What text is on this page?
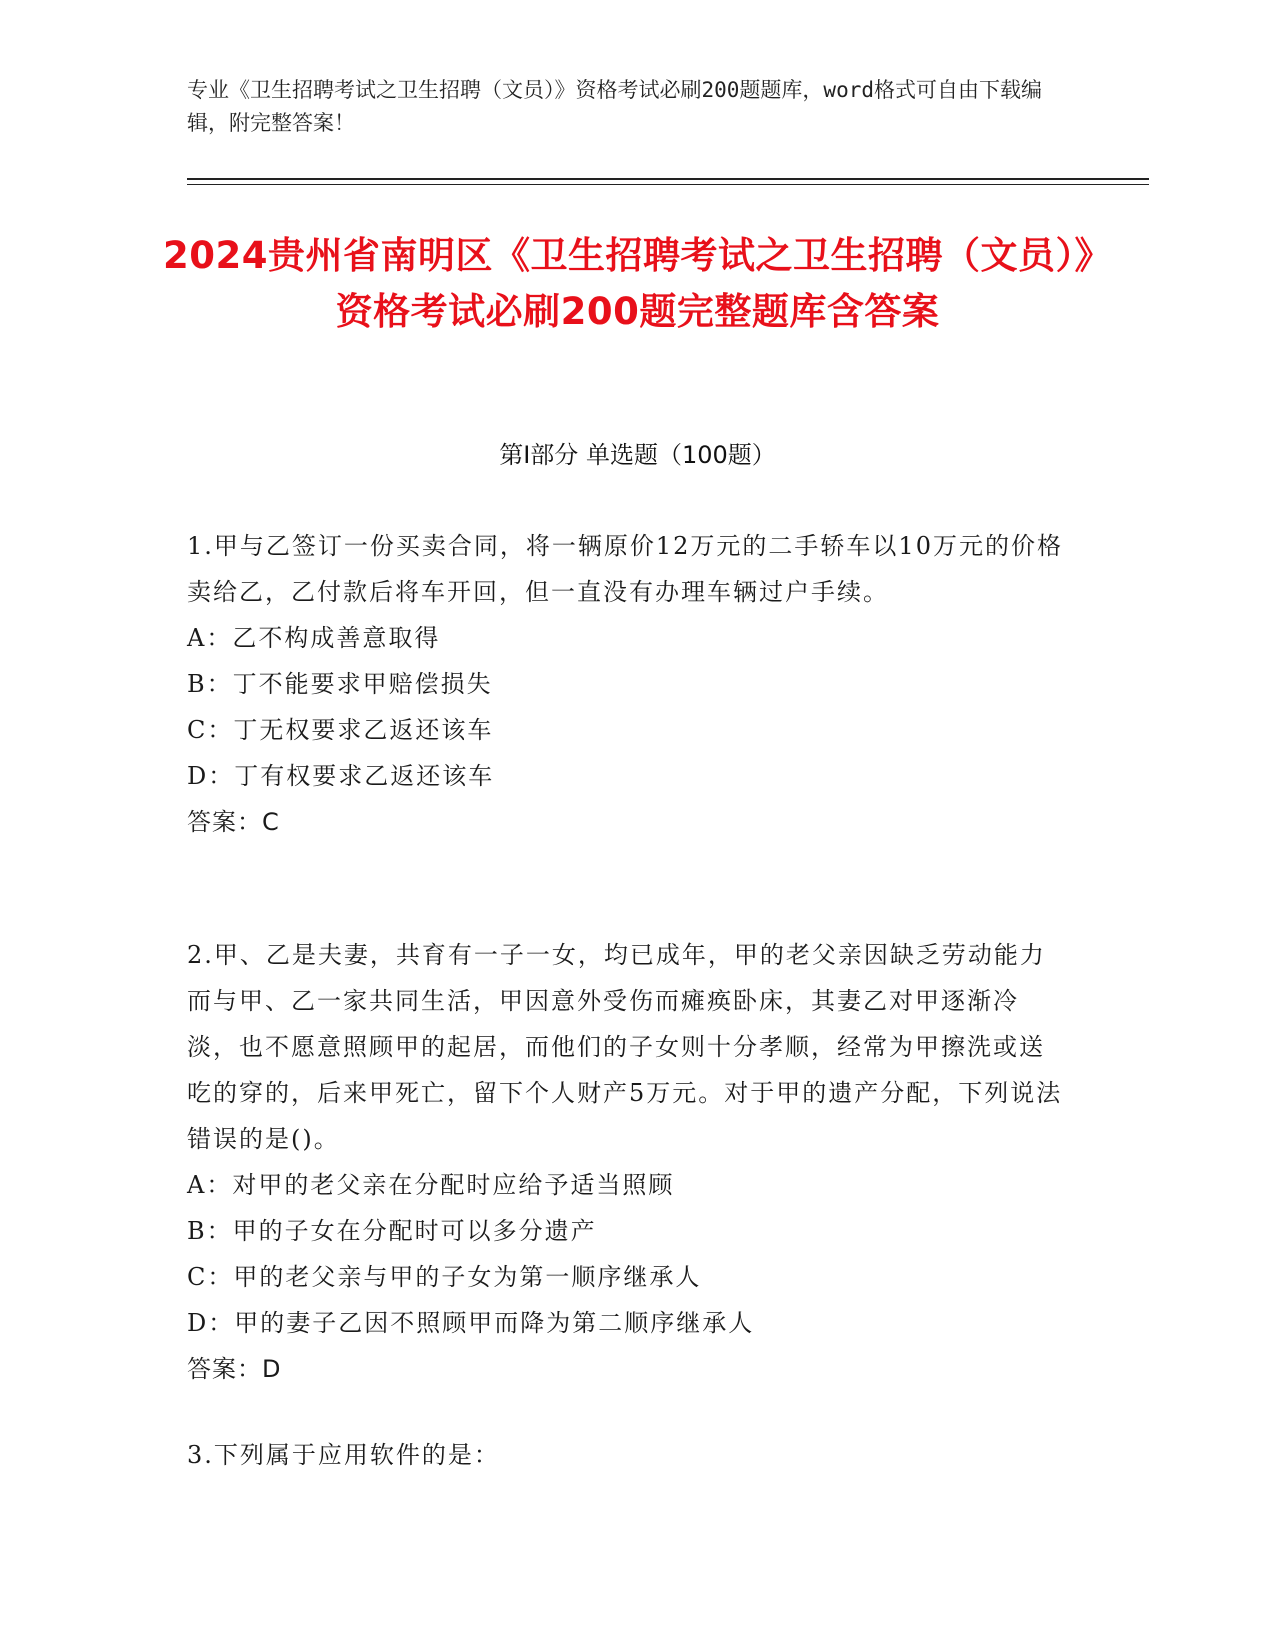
专业《卫生招聘考试之卫生招聘（文员）》资格考试必刷200题题库，word格式可自由下载编辑，附完整答案！
2024贵州省南明区《卫生招聘考试之卫生招聘（文员）》资格考试必刷200题完整题库含答案
第I部分 单选题（100题）

1.甲与乙签订一份买卖合同，将一辆原价12万元的二手轿车以10万元的价格卖给乙，乙付款后将车开回，但一直没有办理车辆过户手续。

A：乙不构成善意取得

B：丁不能要求甲赔偿损失

C：丁无权要求乙返还该车

D：丁有权要求乙返还该车

答案：C

2.甲、乙是夫妻，共育有一子一女，均已成年，甲的老父亲因缺乏劳动能力而与甲、乙一家共同生活，甲因意外受伤而瘫痪卧床，其妻乙对甲逐渐冷淡，也不愿意照顾甲的起居，而他们的子女则十分孝顺，经常为甲擦洗或送吃的穿的，后来甲死亡，留下个人财产5万元。对于甲的遗产分配，下列说法错误的是()。

A：对甲的老父亲在分配时应给予适当照顾

B：甲的子女在分配时可以多分遗产

C：甲的老父亲与甲的子女为第一顺序继承人

D：甲的妻子乙因不照顾甲而降为第二顺序继承人

答案：D

3.下列属于应用软件的是：
